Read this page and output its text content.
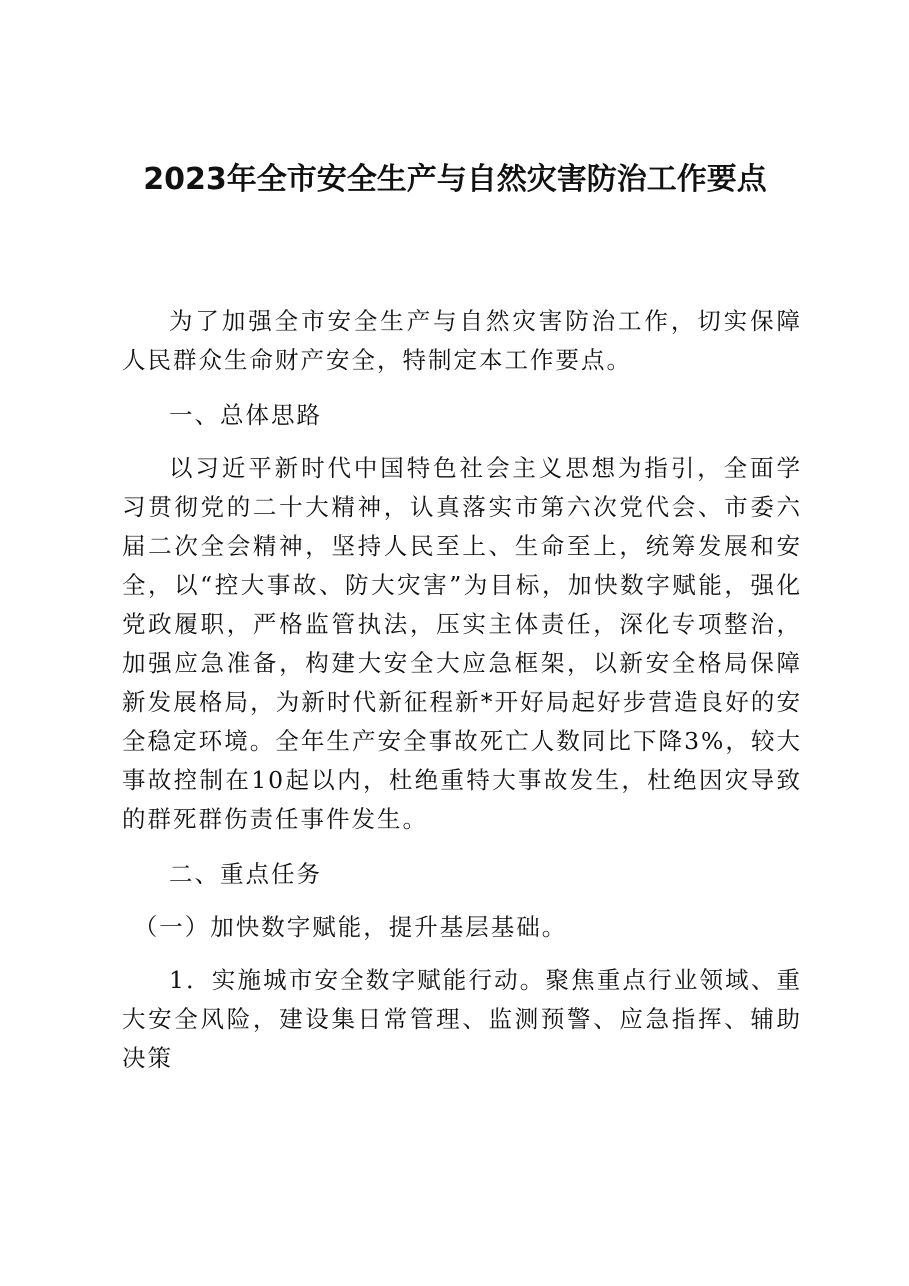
2023年全市安全生产与自然灾害防治工作要点

为了加强全市安全生产与自然灾害防治工作，切实保障人民群众生命财产安全，特制定本工作要点。

一、总体思路

以习近平新时代中国特色社会主义思想为指引，全面学习贯彻党的二十大精神，认真落实市第六次党代会、市委六届二次全会精神，坚持人民至上、生命至上，统筹发展和安全，以“控大事故、防大灾害”为目标，加快数字赋能，强化党政履职，严格监管执法，压实主体责任，深化专项整治，加强应急准备，构建大安全大应急框架，以新安全格局保障新发展格局，为新时代新征程新*开好局起好步营造良好的安全稳定环境。全年生产安全事故死亡人数同比下降3%，较大事故控制在10起以内，杜绝重特大事故发生，杜绝因灾导致的群死群伤责任事件发生。

二、重点任务

（一）加快数字赋能，提升基层基础。

1．实施城市安全数字赋能行动。聚焦重点行业领域、重大安全风险，建设集日常管理、监测预警、应急指挥、辅助决策
